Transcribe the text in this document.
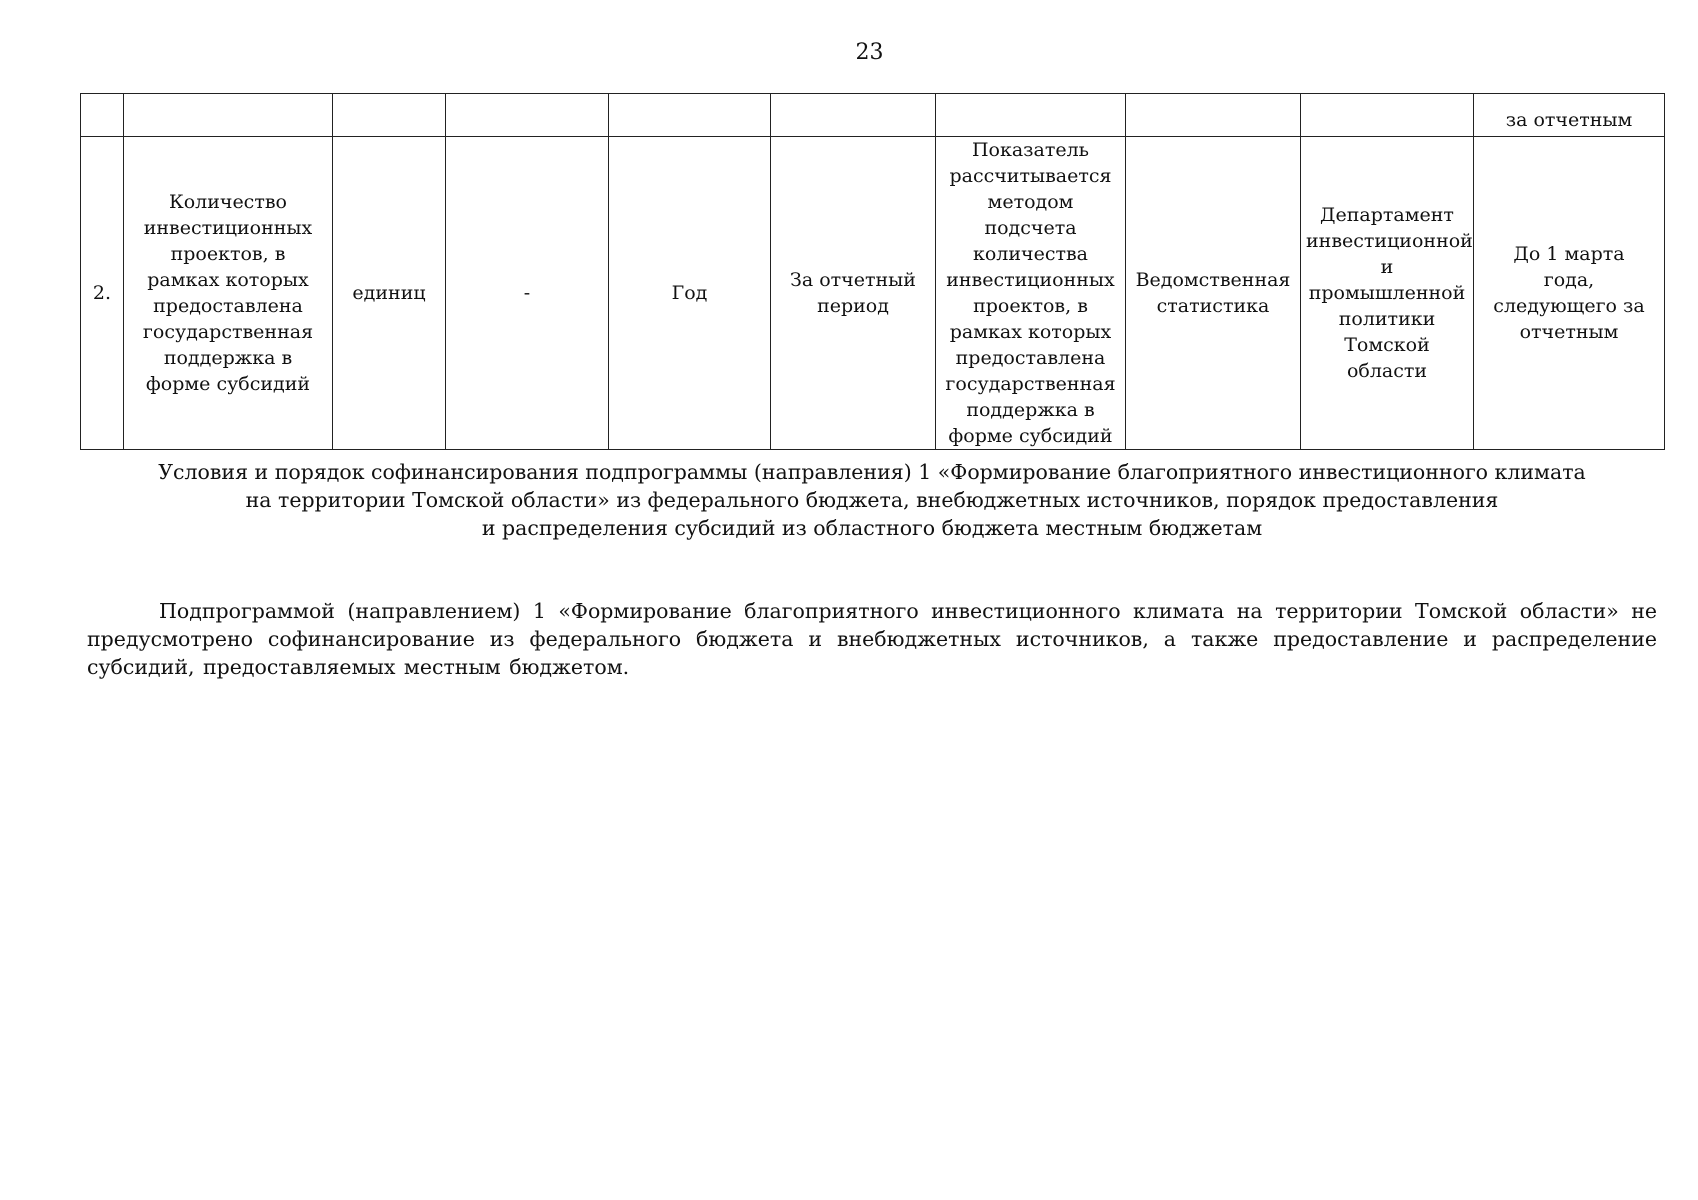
23
									за отчетным
2.	Количество инвестиционных проектов, в рамках которых предоставлена государственная поддержка в форме субсидий	единиц	-	Год	За отчетный период	Показатель рассчитывается методом подсчета количества инвестиционных проектов, в рамках которых предоставлена государственная поддержка в форме субсидий	Ведомственная статистика	Департамент инвестиционной и промышленной политики Томской области	До 1 марта года, следующего за отчетным
Условия и порядок софинансирования подпрограммы (направления) 1 «Формирование благоприятного инвестиционного климата
на территории Томской области» из федерального бюджета, внебюджетных источников, порядок предоставления
и распределения субсидий из областного бюджета местным бюджетам

Подпрограммой (направлением) 1 «Формирование благоприятного инвестиционного климата на территории Томской области» не предусмотрено софинансирование из федерального бюджета и внебюджетных источников, а также предоставление и распределение субсидий, предоставляемых местным бюджетом.
